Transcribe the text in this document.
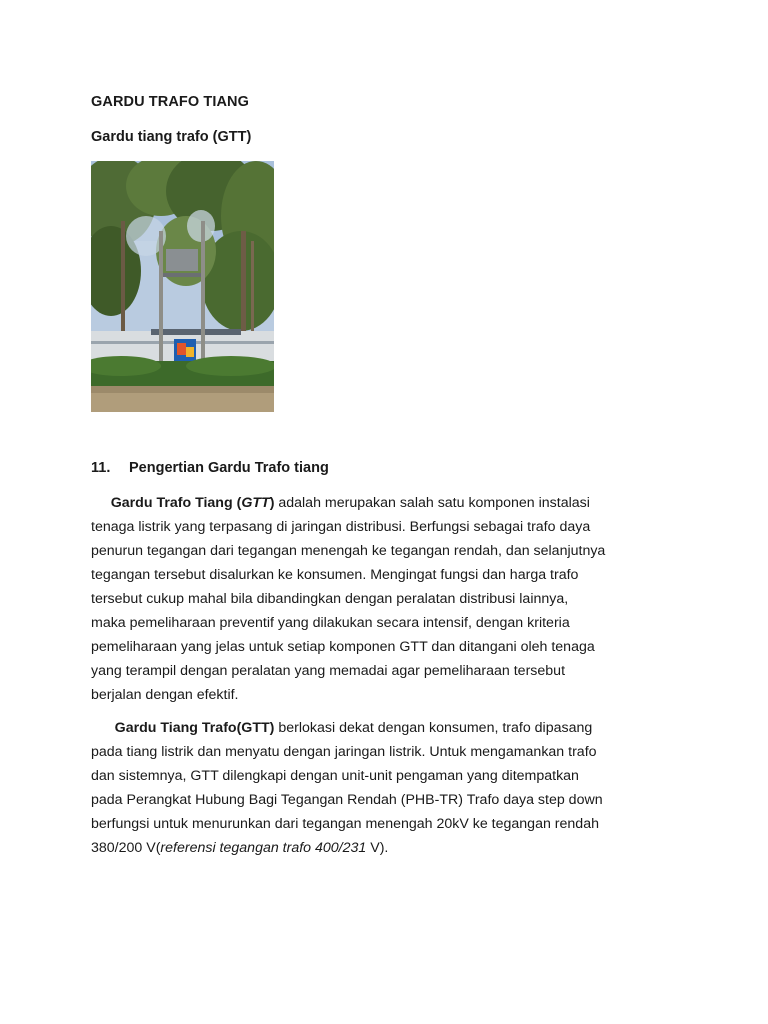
GARDU TRAFO TIANG
Gardu tiang trafo (GTT)
11. Pengertian Gardu Trafo tiang
Gardu Trafo Tiang (GTT) adalah merupakan salah satu komponen instalasi
tenaga listrik yang terpasang di jaringan distribusi. Berfungsi sebagai trafo daya
penurun tegangan dari tegangan menengah ke tegangan rendah, dan selanjutnya
tegangan tersebut disalurkan ke konsumen. Mengingat fungsi dan harga trafo
tersebut cukup mahal bila dibandingkan dengan peralatan distribusi lainnya,
maka pemeliharaan preventif yang dilakukan secara intensif, dengan kriteria
pemeliharaan yang jelas untuk setiap komponen GTT dan ditangani oleh tenaga
yang terampil dengan peralatan yang memadai agar pemeliharaan tersebut
berjalan dengan efektif.
Gardu Tiang Trafo(GTT) berlokasi dekat dengan konsumen, trafo dipasang
pada tiang listrik dan menyatu dengan jaringan listrik. Untuk mengamankan trafo
dan sistemnya, GTT dilengkapi dengan unit-unit pengaman yang ditempatkan
pada Perangkat Hubung Bagi Tegangan Rendah (PHB-TR) Trafo daya step down
berfungsi untuk menurunkan dari tegangan menengah 20kV ke tegangan rendah
380/200 V(referensi tegangan trafo 400/231 V).
